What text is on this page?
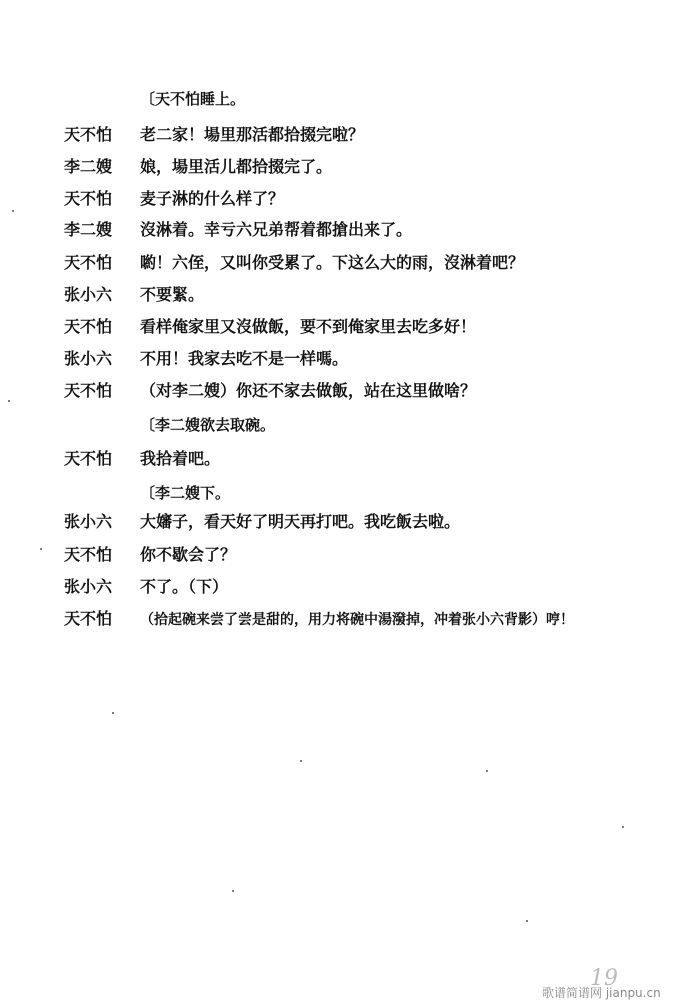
〔天不怕睡上。
天不怕 老二家！場里那活都拾掇完啦？
李二嫂 娘，場里活儿都拾掇完了。
天不怕 麦子淋的什么样了？
李二嫂 沒淋着。幸亏六兄弟帮着都搶出来了。
天不怕 喲！六侄，又叫你受累了。下这么大的雨，沒淋着吧？
张小六 不要緊。
天不怕 看样俺家里又沒做飯，要不到俺家里去吃多好！
张小六 不用！我家去吃不是一样嗎。
天不怕 （对李二嫂）你还不家去做飯，站在这里做啥？
〔李二嫂欲去取碗。
天不怕 我拾着吧。
〔李二嫂下。
张小六 大嬸子，看天好了明天再打吧。我吃飯去啦。
天不怕 你不歇会了？
张小六 不了。（下）
天不怕 （拾起碗来尝了尝是甜的，用力将碗中湯潑掉，冲着张小六背影）哼！
19
歌谱简谱网 jianpu.cn
